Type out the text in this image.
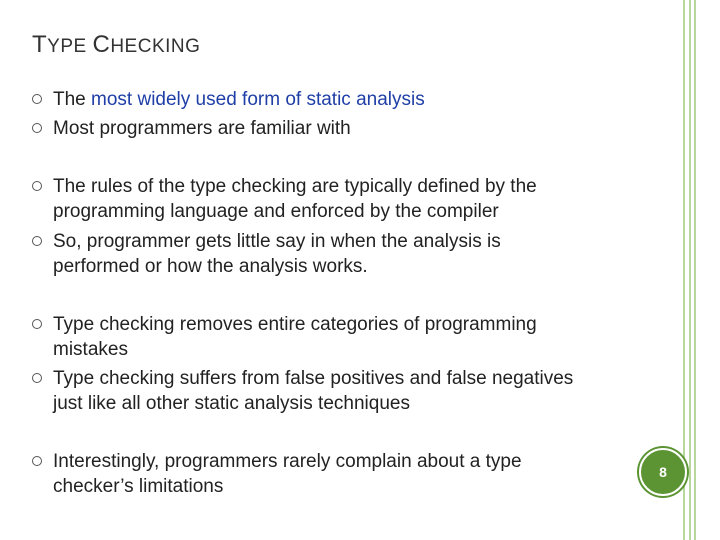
TYPE CHECKING
The most widely used form of static analysis
Most programmers are familiar with
The rules of the type checking are typically defined by the
programming language and enforced by the compiler
So, programmer gets little say in when the analysis is
performed or how the analysis works.
Type checking removes entire categories of programming
mistakes
Type checking suffers from false positives and false negatives
just like all other static analysis techniques
Interestingly, programmers rarely complain about a type
checker’s limitations
8
